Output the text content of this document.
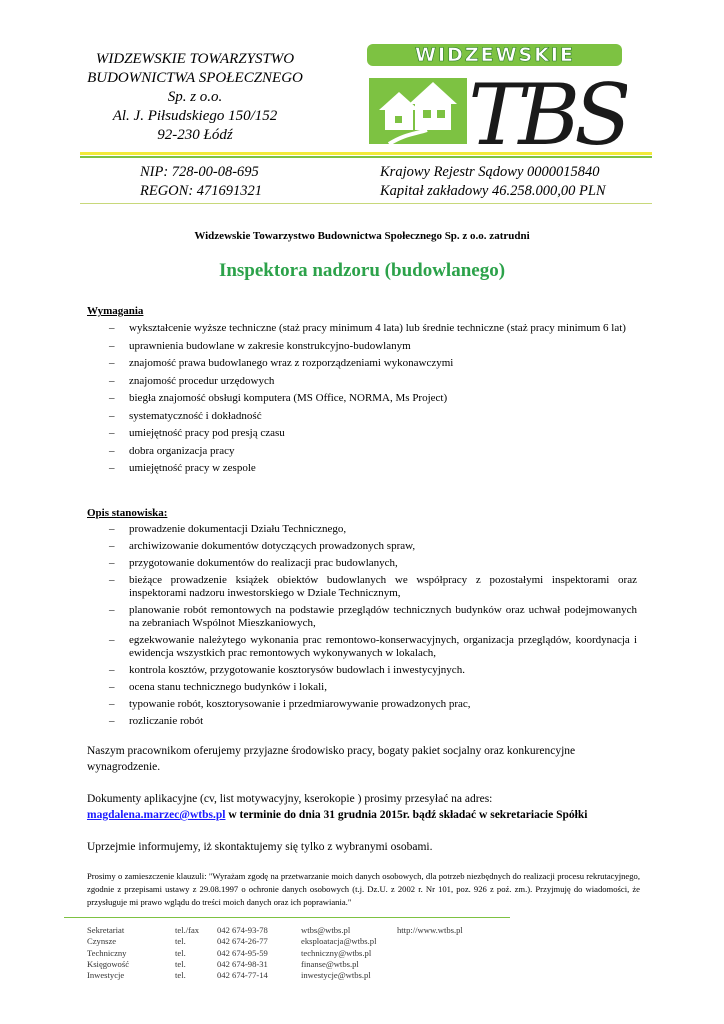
WIDZEWSKIE TOWARZYSTWO
BUDOWNICTWA SPOŁECZNEGO
Sp. z o.o.
Al. J. Piłsudskiego 150/152
92-230 Łódź
WIDZEWSKIE
TBS
NIP: 728-00-08-695
REGON: 471691321
Krajowy Rejestr Sądowy 0000015840
Kapitał zakładowy 46.258.000,00 PLN
Widzewskie Towarzystwo Budownictwa Społecznego Sp. z o.o. zatrudni
Inspektora nadzoru (budowlanego)
Wymagania
– wykształcenie wyższe techniczne (staż pracy minimum 4 lata) lub średnie techniczne (staż pracy minimum 6 lat)
– uprawnienia budowlane w zakresie konstrukcyjno-budowlanym
– znajomość prawa budowlanego wraz z rozporządzeniami wykonawczymi
– znajomość procedur urzędowych
– biegła znajomość obsługi komputera (MS Office, NORMA, Ms Project)
– systematyczność i dokładność
– umiejętność pracy pod presją czasu
– dobra organizacja pracy
– umiejętność pracy w zespole
Opis stanowiska:
– prowadzenie dokumentacji Działu Technicznego,
– archiwizowanie dokumentów dotyczących prowadzonych spraw,
– przygotowanie dokumentów do realizacji prac budowlanych,
– bieżące prowadzenie książek obiektów budowlanych we współpracy z pozostałymi inspektorami oraz inspektorami nadzoru inwestorskiego w Dziale Technicznym,
– planowanie robót remontowych na podstawie przeglądów technicznych budynków oraz uchwał podejmowanych na zebraniach Wspólnot Mieszkaniowych,
– egzekwowanie należytego wykonania prac remontowo-konserwacyjnych, organizacja przeglądów, koordynacja i ewidencja wszystkich prac remontowych wykonywanych w lokalach,
– kontrola kosztów, przygotowanie kosztorysów budowlach i inwestycyjnych.
– ocena stanu technicznego budynków i lokali,
– typowanie robót, kosztorysowanie i przedmiarowywanie prowadzonych prac,
– rozliczanie robót
Naszym pracownikom oferujemy przyjazne środowisko pracy, bogaty pakiet socjalny oraz konkurencyjne wynagrodzenie.
Dokumenty aplikacyjne (cv, list motywacyjny, kserokopie ) prosimy przesyłać na adres:
magdalena.marzec@wtbs.pl w terminie do dnia 31 grudnia 2015r. bądź składać w sekretariacie Spółki
Uprzejmie informujemy, iż skontaktujemy się tylko z wybranymi osobami.
Prosimy o zamieszczenie klauzuli: "Wyrażam zgodę na przetwarzanie moich danych osobowych, dla potrzeb niezbędnych do realizacji procesu rekrutacyjnego, zgodnie z przepisami ustawy z 29.08.1997 o ochronie danych osobowych (t.j. Dz.U. z 2002 r. Nr 101, poz. 926 z poź. zm.). Przyjmuję do wiadomości, że przysługuje mi prawo wglądu do treści moich danych oraz ich poprawiania."
Sekretariat	tel./fax	042 674-93-78	wtbs@wtbs.pl	http://www.wtbs.pl
Czynsze	tel.	042 674-26-77	eksploatacja@wtbs.pl
Techniczny	tel.	042 674-95-59	techniczny@wtbs.pl
Księgowość	tel.	042 674-98-31	finanse@wtbs.pl
Inwestycje	tel.	042 674-77-14	inwestycje@wtbs.pl
